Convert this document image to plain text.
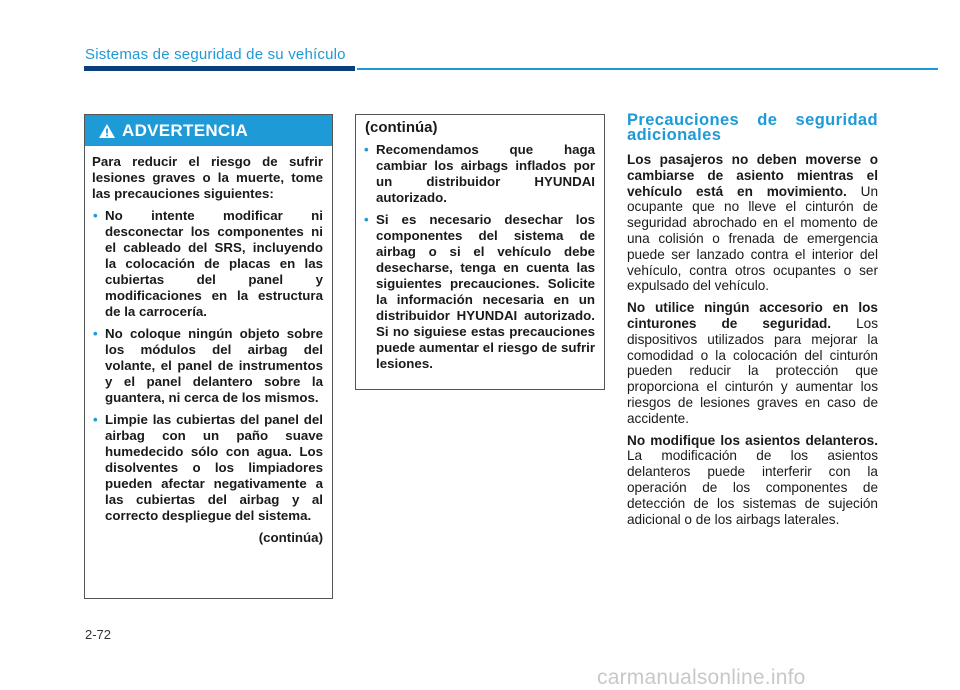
Sistemas de seguridad de su vehículo
ADVERTENCIA

Para reducir el riesgo de sufrir lesiones graves o la muerte, tome las precauciones siguientes:

• No intente modificar ni desconectar los componentes ni el cableado del SRS, incluyendo la colocación de placas en las cubiertas del panel y modificaciones en la estructura de la carrocería.
• No coloque ningún objeto sobre los módulos del airbag del volante, el panel de instrumentos y el panel delantero sobre la guantera, ni cerca de los mismos.
• Limpie las cubiertas del panel del airbag con un paño suave humedecido sólo con agua. Los disolventes o los limpiadores pueden afectar negativamente a las cubiertas del airbag y al correcto despliegue del sistema.
(continúa)
(continúa)
• Recomendamos que haga cambiar los airbags inflados por un distribuidor HYUNDAI autorizado.
• Si es necesario desechar los componentes del sistema de airbag o si el vehículo debe desecharse, tenga en cuenta las siguientes precauciones. Solicite la información necesaria en un distribuidor HYUNDAI autorizado. Si no siguiese estas precauciones puede aumentar el riesgo de sufrir lesiones.
Precauciones de seguridad adicionales

Los pasajeros no deben moverse o cambiarse de asiento mientras el vehículo está en movimiento. Un ocupante que no lleve el cinturón de seguridad abrochado en el momento de una colisión o frenada de emergencia puede ser lanzado contra el interior del vehículo, contra otros ocupantes o ser expulsado del vehículo.

No utilice ningún accesorio en los cinturones de seguridad. Los dispositivos utilizados para mejorar la comodidad o la colocación del cinturón pueden reducir la protección que proporciona el cinturón y aumentar los riesgos de lesiones graves en caso de accidente.

No modifique los asientos delanteros. La modificación de los asientos delanteros puede interferir con la operación de los componentes de detección de los sistemas de sujeción adicional o de los airbags laterales.

2-72
carmanualsonline.info
